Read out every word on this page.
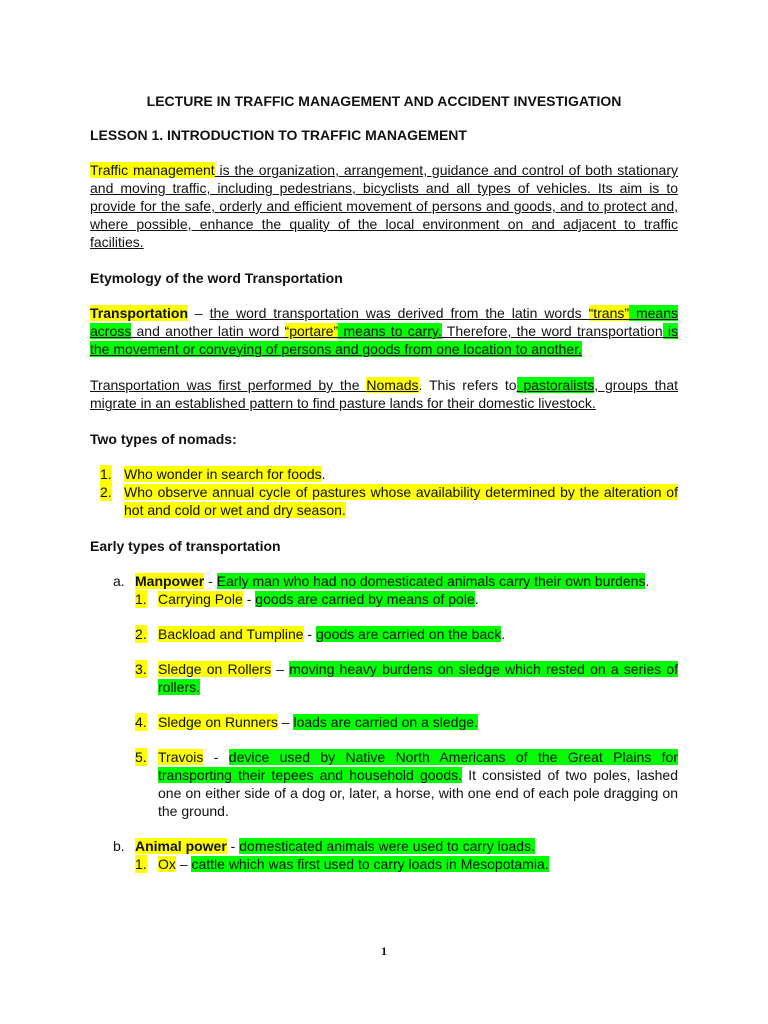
LECTURE IN TRAFFIC MANAGEMENT AND ACCIDENT INVESTIGATION

LESSON 1. INTRODUCTION TO TRAFFIC MANAGEMENT

Traffic management is the organization, arrangement, guidance and control of both stationary and moving traffic, including pedestrians, bicyclists and all types of vehicles. Its aim is to provide for the safe, orderly and efficient movement of persons and goods, and to protect and, where possible, enhance the quality of the local environment on and adjacent to traffic facilities.

Etymology of the word Transportation

Transportation – the word transportation was derived from the latin words “trans” means across and another latin word “portare” means to carry. Therefore, the word transportation is the movement or conveying of persons and goods from one location to another.

Transportation was first performed by the Nomads. This refers to pastoralists, groups that migrate in an established pattern to find pasture lands for their domestic livestock.

Two types of nomads:

1. Who wonder in search for foods.
2. Who observe annual cycle of pastures whose availability determined by the alteration of hot and cold or wet and dry season.

Early types of transportation

a. Manpower - Early man who had no domesticated animals carry their own burdens.
1. Carrying Pole - goods are carried by means of pole.
2. Backload and Tumpline - goods are carried on the back.
3. Sledge on Rollers – moving heavy burdens on sledge which rested on a series of rollers.
4. Sledge on Runners – loads are carried on a sledge.
5. Travois - device used by Native North Americans of the Great Plains for transporting their tepees and household goods. It consisted of two poles, lashed one on either side of a dog or, later, a horse, with one end of each pole dragging on the ground.
b. Animal power - domesticated animals were used to carry loads.
1. Ox – cattle which was first used to carry loads in Mesopotamia.
1
